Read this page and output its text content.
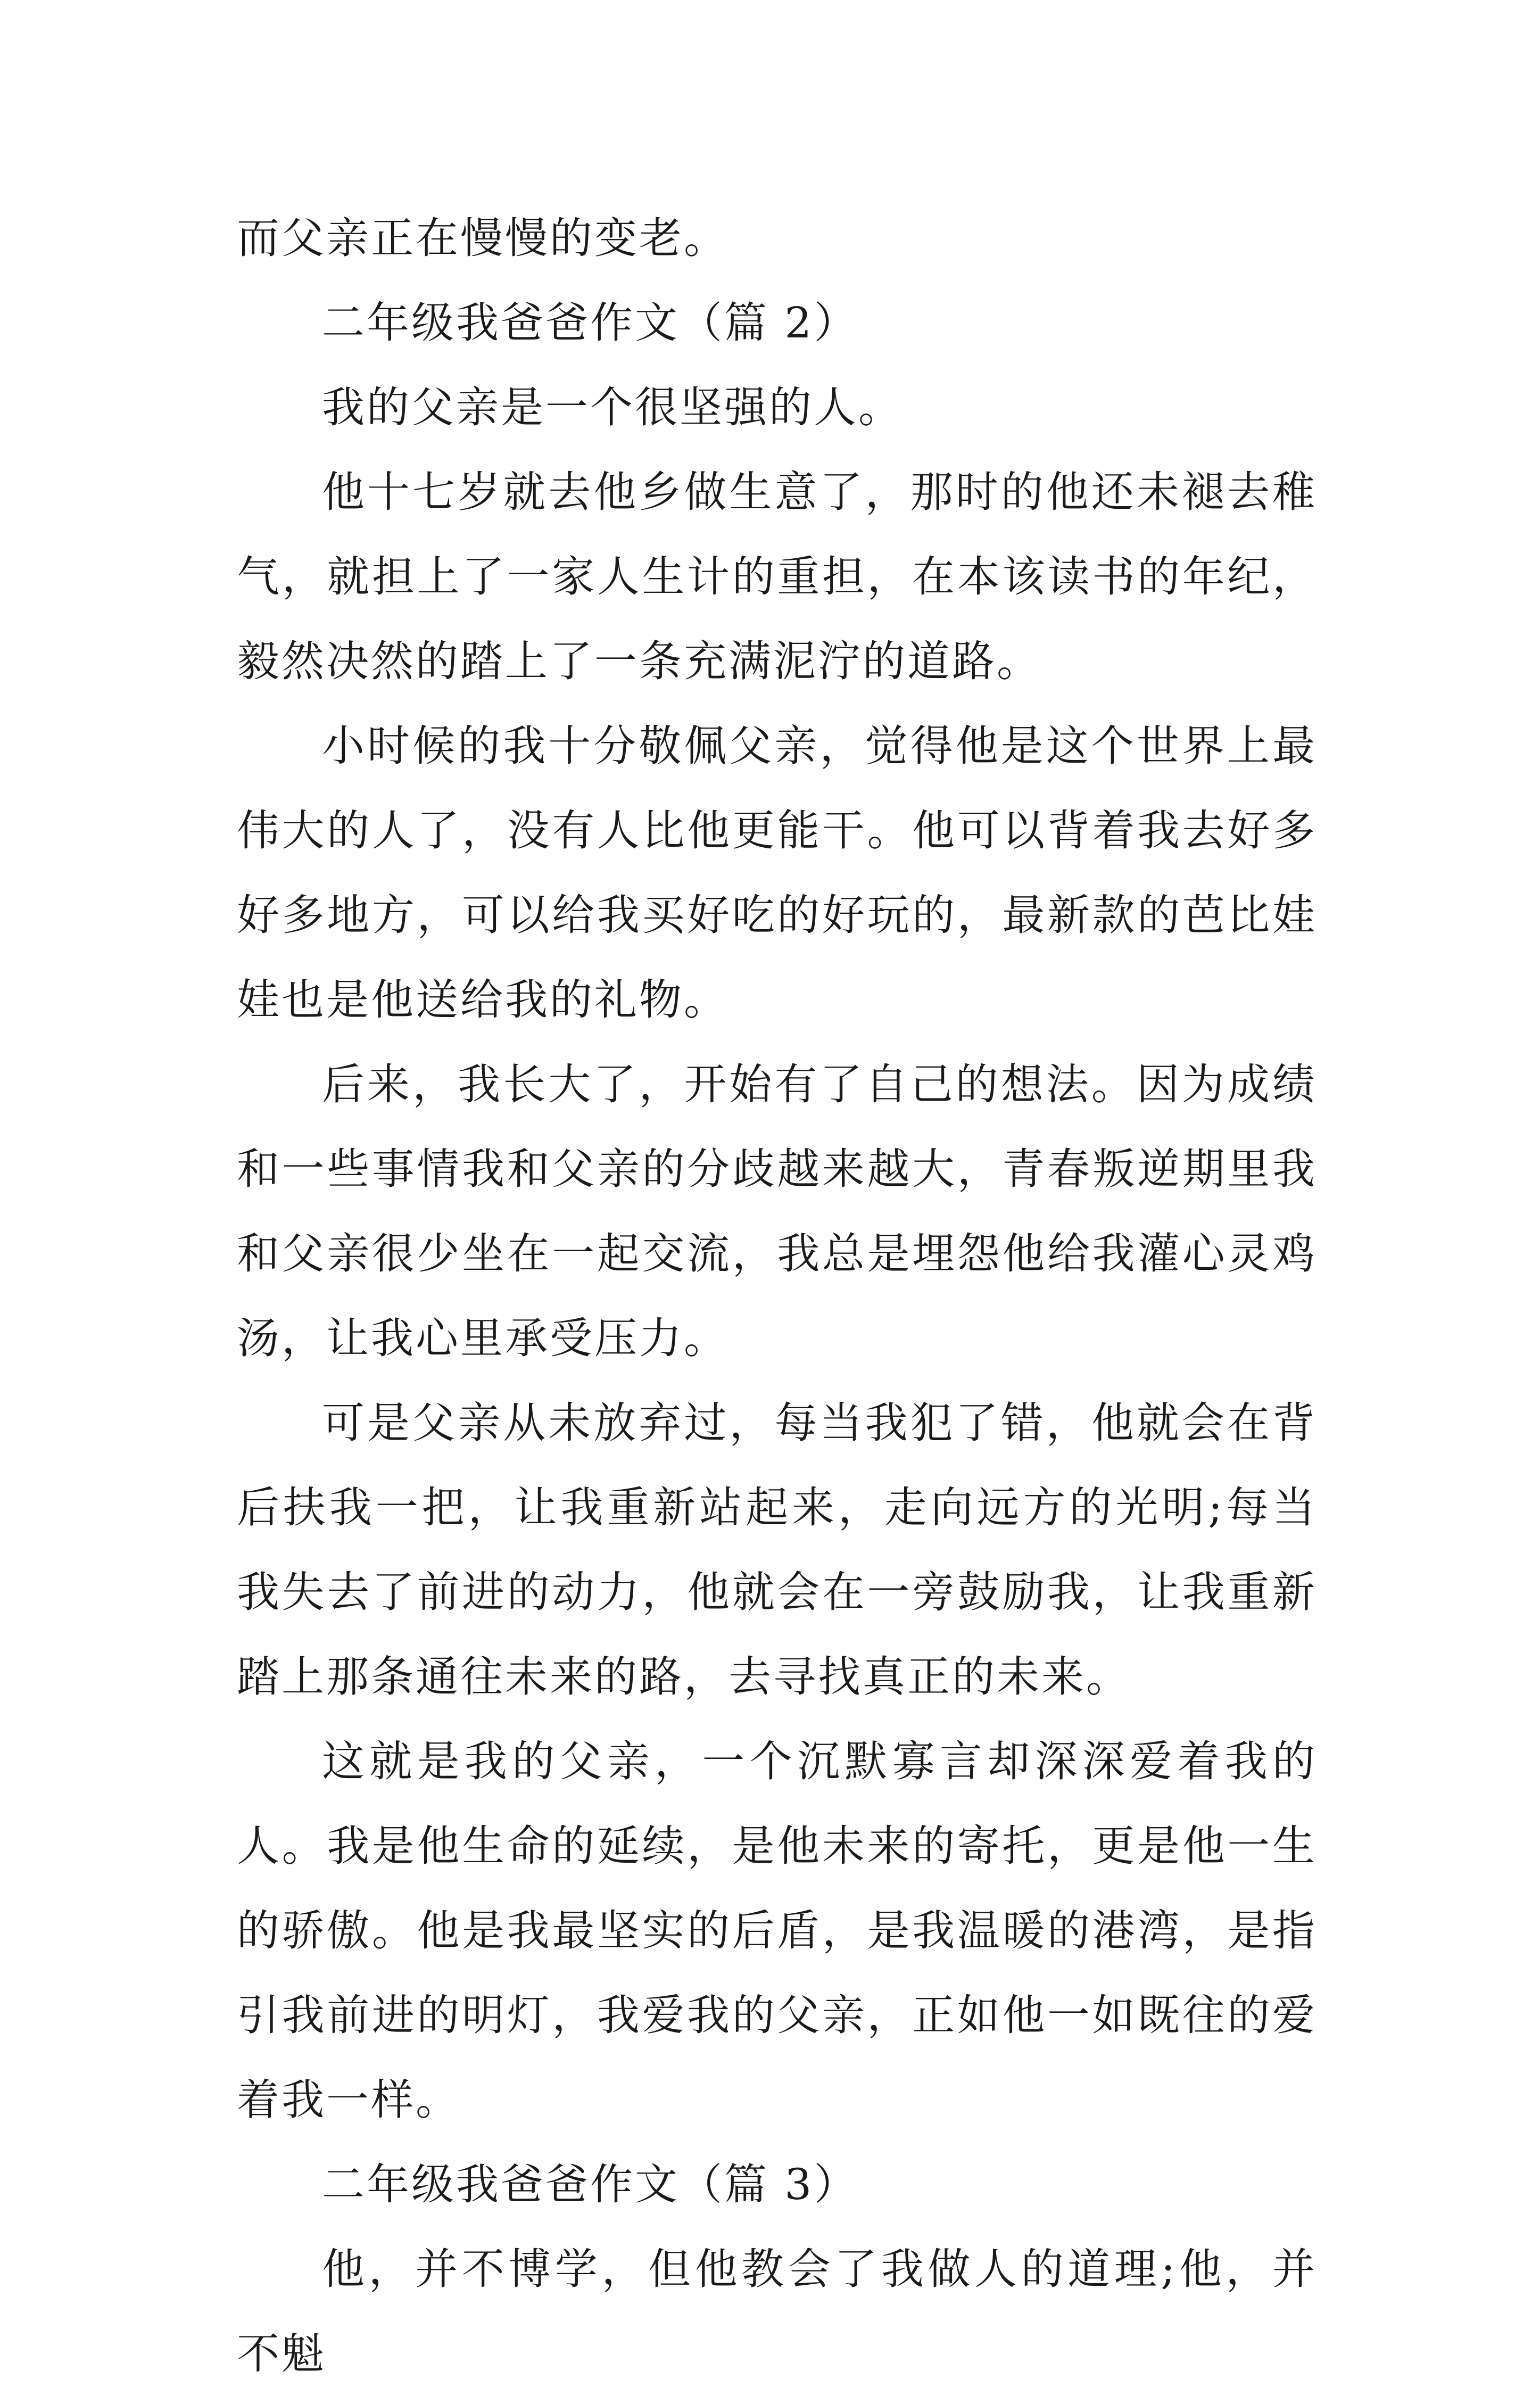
而父亲正在慢慢的变老。

二年级我爸爸作文（篇 2）

我的父亲是一个很坚强的人。

他十七岁就去他乡做生意了，那时的他还未褪去稚气，就担上了一家人生计的重担，在本该读书的年纪，毅然决然的踏上了一条充满泥泞的道路。

小时候的我十分敬佩父亲，觉得他是这个世界上最伟大的人了，没有人比他更能干。他可以背着我去好多好多地方，可以给我买好吃的好玩的，最新款的芭比娃娃也是他送给我的礼物。

后来，我长大了，开始有了自己的想法。因为成绩和一些事情我和父亲的分歧越来越大，青春叛逆期里我和父亲很少坐在一起交流，我总是埋怨他给我灌心灵鸡汤，让我心里承受压力。

可是父亲从未放弃过，每当我犯了错，他就会在背后扶我一把，让我重新站起来，走向远方的光明;每当我失去了前进的动力，他就会在一旁鼓励我，让我重新踏上那条通往未来的路，去寻找真正的未来。

这就是我的父亲，一个沉默寡言却深深爱着我的人。我是他生命的延续，是他未来的寄托，更是他一生的骄傲。他是我最坚实的后盾，是我温暖的港湾，是指引我前进的明灯，我爱我的父亲，正如他一如既往的爱着我一样。

二年级我爸爸作文（篇 3）

他，并不博学，但他教会了我做人的道理;他，并不魁
